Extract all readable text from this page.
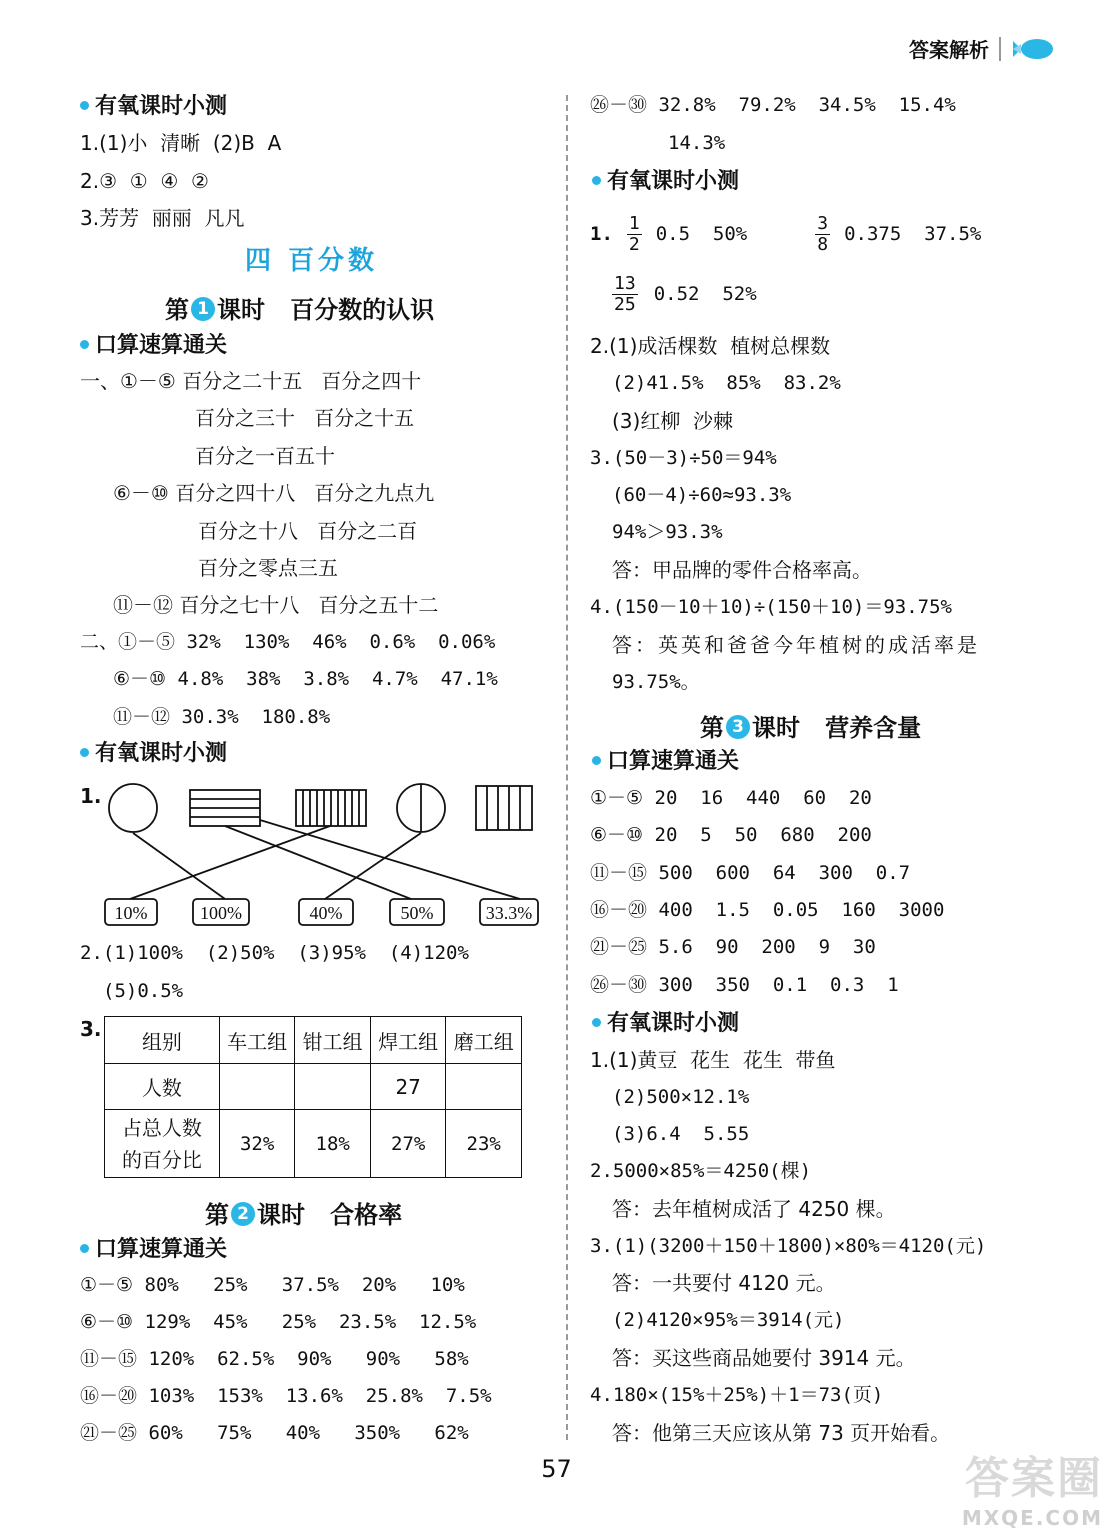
答案解析
有氧课时小测
1.(1)小  清晰  (2)B  A
2.③  ①  ④  ②
3.芳芳  丽丽  凡凡
四 百分数
第 1 课时   百分数的认识
口算速算通关
一、①－⑤ 百分之二十五   百分之四十
百分之三十   百分之十五
百分之一百五十
⑥－⑩ 百分之四十八   百分之九点九
百分之十八   百分之二百
百分之零点三五
⑪－⑫ 百分之七十八   百分之五十二
二、①－⑤ 32%  130%  46%  0.6%  0.06%
⑥－⑩ 4.8%  38%  3.8%  4.7%  47.1%
⑪－⑫ 30.3%  180.8%
有氧课时小测
1.
10%	100%	40%	50%	33.3%
2.(1)100%  (2)50%  (3)95%  (4)120%
(5)0.5%
3.
组别	车工组	钳工组	焊工组	磨工组
人数			27	
占总人数
的百分比	32%	18%	27%	23%
第 2 课时   合格率
口算速算通关
①－⑤ 80%   25%   37.5%  20%   10%
⑥－⑩ 129%  45%   25%  23.5%  12.5%
⑪－⑮ 120%  62.5%  90%   90%   58%
⑯－⑳ 103%  153%  13.6%  25.8%  7.5%
㉑－㉕ 60%   75%   40%   350%   62%
㉖－㉚ 32.8%  79.2%  34.5%  15.4%
14.3%
有氧课时小测
1. $\frac{1}{2} 0.5$  50%	$\frac{3}{8} 0.375$  37.5%
$\frac{13}{25} 0.52$  52%
2.(1)成活棵数  植树总棵数
(2)41.5%  85%  83.2%
(3)红柳  沙棘
3.(50－3)÷50＝94%
(60－4)÷60≈93.3%
94%＞93.3%
答：甲品牌的零件合格率高。
4.(150－10＋10)÷(150＋10)＝93.75%
答：英英和爸爸今年植树的成活率是
93.75%。
第 3 课时   营养含量
口算速算通关
①－⑤ 20  16  440  60  20
⑥－⑩ 20  5  50  680  200
⑪－⑮ 500  600  64  300  0.7
⑯－⑳ 400  1.5  0.05  160  3000
㉑－㉕ 5.6  90  200  9  30
㉖－㉚ 300  350  0.1  0.3  1
有氧课时小测
1.(1)黄豆  花生  花生  带鱼
(2)500×12.1%
(3)6.4  5.55
2.5000×85%＝4250(棵)
答：去年植树成活了 4250 棵。
3.(1)(3200＋150＋1800)×80%＝4120(元)
答：一共要付 4120 元。
(2)4120×95%＝3914(元)
答：买这些商品她要付 3914 元。
4.180×(15%＋25%)＋1＝73(页)
答：他第三天应该从第 73 页开始看。
57	答案圈
MXQE.COM
